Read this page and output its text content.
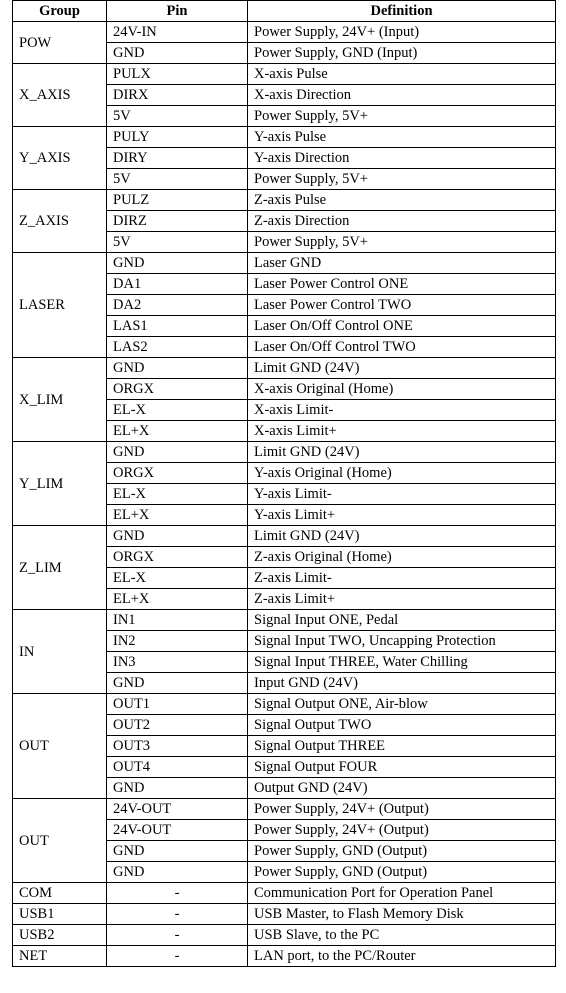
Group	Pin	Definition
POW	24V-IN	Power Supply, 24V+ (Input)
	GND	Power Supply, GND (Input)
X_AXIS	PULX	X-axis Pulse
	DIRX	X-axis Direction
	5V	Power Supply, 5V+
Y_AXIS	PULY	Y-axis Pulse
	DIRY	Y-axis Direction
	5V	Power Supply, 5V+
Z_AXIS	PULZ	Z-axis Pulse
	DIRZ	Z-axis Direction
	5V	Power Supply, 5V+
LASER	GND	Laser GND
	DA1	Laser Power Control ONE
	DA2	Laser Power Control TWO
	LAS1	Laser On/Off Control ONE
	LAS2	Laser On/Off Control TWO
X_LIM	GND	Limit GND (24V)
	ORGX	X-axis Original (Home)
	EL-X	X-axis Limit-
	EL+X	X-axis Limit+
Y_LIM	GND	Limit GND (24V)
	ORGX	Y-axis Original (Home)
	EL-X	Y-axis Limit-
	EL+X	Y-axis Limit+
Z_LIM	GND	Limit GND (24V)
	ORGX	Z-axis Original (Home)
	EL-X	Z-axis Limit-
	EL+X	Z-axis Limit+
IN	IN1	Signal Input ONE, Pedal
	IN2	Signal Input TWO, Uncapping Protection
	IN3	Signal Input THREE, Water Chilling
	GND	Input GND (24V)
OUT	OUT1	Signal Output ONE, Air-blow
	OUT2	Signal Output TWO
	OUT3	Signal Output THREE
	OUT4	Signal Output FOUR
	GND	Output GND (24V)
OUT	24V-OUT	Power Supply, 24V+ (Output)
	24V-OUT	Power Supply, 24V+ (Output)
	GND	Power Supply, GND (Output)
	GND	Power Supply, GND (Output)
COM	-	Communication Port for Operation Panel
USB1	-	USB Master, to Flash Memory Disk
USB2	-	USB Slave, to the PC
NET	-	LAN port, to the PC/Router
